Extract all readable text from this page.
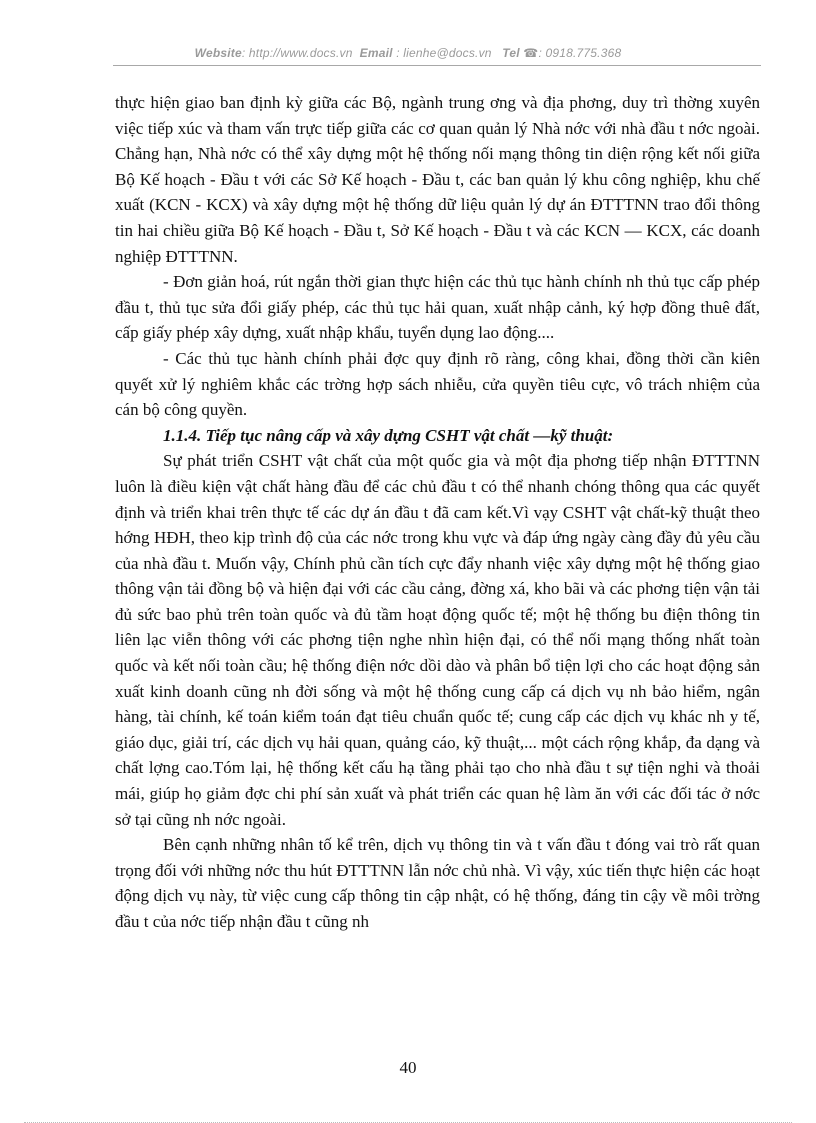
Website: http://www.docs.vn Email : lienhe@docs.vn Tel ☎: 0918.775.368

thực hiện giao ban định kỳ giữa các Bộ, ngành trung ơng và địa phơng, duy trì thờng xuyên việc tiếp xúc và tham vấn trực tiếp giữa các cơ quan quản lý Nhà nớc với nhà đầu t nớc ngoài. Chẳng hạn, Nhà nớc có thể xây dựng một hệ thống nối mạng thông tin diện rộng kết nối giữa Bộ Kế hoạch - Đầu t với các Sở Kế hoạch - Đầu t, các ban quản lý khu công nghiệp, khu chế xuất (KCN - KCX) và xây dựng một hệ thống dữ liệu quản lý dự án ĐTTTNN trao đổi thông tin hai chiều giữa Bộ Kế hoạch - Đầu t, Sở Kế hoạch - Đầu t và các KCN — KCX, các doanh nghiệp ĐTTTNN.

- Đơn giản hoá, rút ngắn thời gian thực hiện các thủ tục hành chính nh thủ tục cấp phép đầu t, thủ tục sửa đổi giấy phép, các thủ tục hải quan, xuất nhập cảnh, ký hợp đồng thuê đất, cấp giấy phép xây dựng, xuất nhập khẩu, tuyển dụng lao động....

- Các thủ tục hành chính phải đợc quy định rõ ràng, công khai, đồng thời cần kiên quyết xử lý nghiêm khắc các trờng hợp sách nhiễu, cửa quyền tiêu cực, vô trách nhiệm của cán bộ công quyền.

1.1.4. Tiếp tục nâng cấp và xây dựng CSHT vật chất —kỹ thuật:

Sự phát triển CSHT vật chất của một quốc gia và một địa phơng tiếp nhận ĐTTTNN luôn là điều kiện vật chất hàng đầu để các chủ đầu t có thể nhanh chóng thông qua các quyết định và triển khai trên thực tế các dự án đầu t đã cam kết.Vì vạy CSHT vật chất-kỹ thuật theo hớng HĐH, theo kịp trình độ của các nớc trong khu vực và đáp ứng ngày càng đầy đủ yêu cầu của nhà đầu t. Muốn vậy, Chính phủ cần tích cực đẩy nhanh việc xây dựng một hệ thống giao thông vận tải đồng bộ và hiện đại với các cầu cảng, đờng xá, kho bãi và các phơng tiện vận tải đủ sức bao phủ trên toàn quốc và đủ tầm hoạt động quốc tế; một hệ thống bu điện thông tin liên lạc viễn thông với các phơng tiện nghe nhìn hiện đại, có thể nối mạng thống nhất toàn quốc và kết nối toàn cầu; hệ thống điện nớc dồi dào và phân bổ tiện lợi cho các hoạt động sản xuất kinh doanh cũng nh đời sống và một hệ thống cung cấp cá dịch vụ nh bảo hiểm, ngân hàng, tài chính, kế toán kiểm toán đạt tiêu chuẩn quốc tế; cung cấp các dịch vụ khác nh y tế, giáo dục, giải trí, các dịch vụ hải quan, quảng cáo, kỹ thuật,... một cách rộng khắp, đa dạng và chất lợng cao.Tóm lại, hệ thống kết cấu hạ tầng phải tạo cho nhà đầu t sự tiện nghi và thoải mái, giúp họ giảm đợc chi phí sản xuất và phát triển các quan hệ làm ăn với các đối tác ở nớc sở tại cũng nh nớc ngoài.

Bên cạnh những nhân tố kể trên, dịch vụ thông tin và t vấn đầu t đóng vai trò rất quan trọng đối với những nớc thu hút ĐTTTNN lẫn nớc chủ nhà. Vì vậy, xúc tiến thực hiện các hoạt động dịch vụ này, từ việc cung cấp thông tin cập nhật, có hệ thống, đáng tin cậy về môi trờng đầu t của nớc tiếp nhận đầu t cũng nh

40
